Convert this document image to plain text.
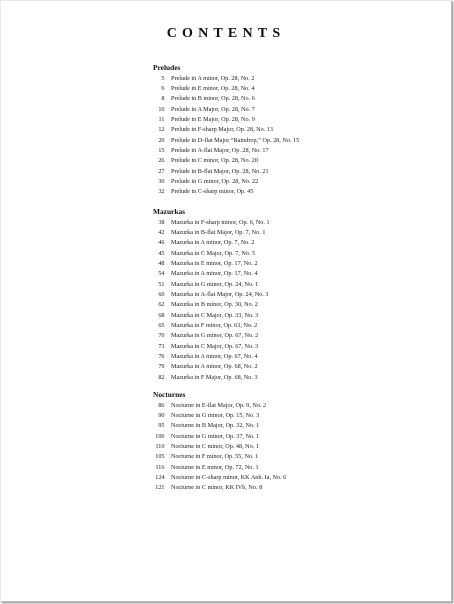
CONTENTS
Preludes
5 Prelude in A minor, Op. 28, No. 2
6 Prelude in E minor, Op. 28, No. 4
8 Prelude in B minor, Op. 28, No. 6
10 Prelude in A Major, Op. 28, No. 7
11 Prelude in E Major, Op. 28, No. 9
12 Prelude in F-sharp Major, Op. 28, No. 13
20 Prelude in D-flat Major “Raindrop,” Op. 28, No. 15
15 Prelude in A-flat Major, Op. 28, No. 17
26 Prelude in C minor, Op. 28, No. 20
27 Prelude in B-flat Major, Op. 28, No. 21
30 Prelude in G minor, Op. 28, No. 22
32 Prelude in C-sharp minor, Op. 45
Mazurkas
38 Mazurka in F-sharp minor, Op. 6, No. 1
42 Mazurka in B-flat Major, Op. 7, No. 1
46 Mazurka in A minor, Op. 7, No. 2
45 Mazurka in C Major, Op. 7, No. 5
48 Mazurka in E minor, Op. 17, No. 2
54 Mazurka in A minor, Op. 17, No. 4
51 Mazurka in G minor, Op. 24, No. 1
60 Mazurka in A-flat Major, Op. 24, No. 3
62 Mazurka in B minor, Op. 30, No. 2
68 Mazurka in C Major, Op. 33, No. 3
65 Mazurka in F minor, Op. 63, No. 2
70 Mazurka in G minor, Op. 67, No. 2
73 Mazurka in C Major, Op. 67, No. 3
76 Mazurka in A minor, Op. 67, No. 4
79 Mazurka in A minor, Op. 68, No. 2
82 Mazurka in F Major, Op. 68, No. 3
Nocturnes
86 Nocturne in E-flat Major, Op. 9, No. 2
90 Nocturne in G minor, Op. 15, No. 3
95 Nocturne in B Major, Op. 32, No. 1
100 Nocturne in G minor, Op. 37, No. 1
110 Nocturne in C minor, Op. 48, No. 1
105 Nocturne in F minor, Op. 55, No. 1
116 Nocturne in E minor, Op. 72, No. 1
124 Nocturne in C-sharp minor, KK Anh. Ia, No. 6
121 Nocturne in C minor, KK IVb, No. 8
